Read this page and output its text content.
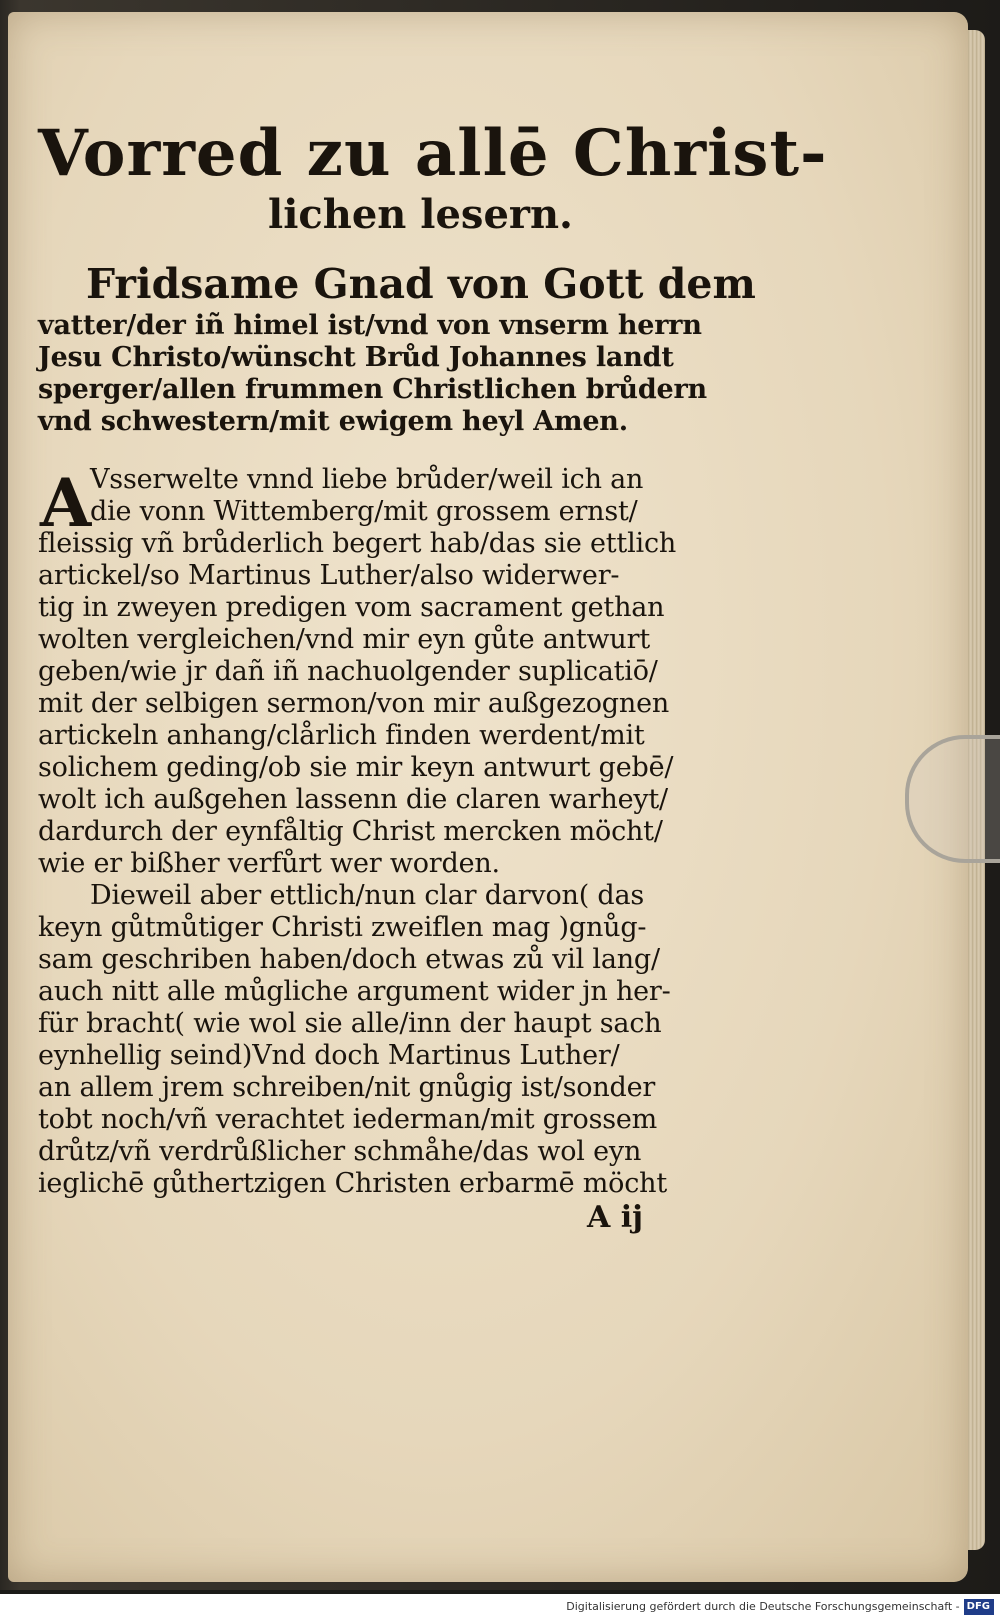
Vorred zu allē Christ-
lichen lesern.
Fridsame Gnad von Gott dem
vatter/der iñ himel ist/vnd von vnserm herrn
Jesu Christo/wünscht Brůd Johannes landt
sperger/allen frummen Christlichen brůdern
vnd schwestern/mit ewigem heyl Amen.
A
Vsserwelte vnnd liebe brůder/weil ich an
die vonn Wittemberg/mit grossem ernst/
fleissig vñ brůderlich begert hab/das sie ettlich
artickel/so Martinus Luther/also widerwer-
tig in zweyen predigen vom sacrament gethan
wolten vergleichen/vnd mir eyn gůte antwurt
geben/wie jr dañ iñ nachuolgender suplicatiō/
mit der selbigen sermon/von mir außgezognen
artickeln anhang/clårlich finden werdent/mit
solichem geding/ob sie mir keyn antwurt gebē/
wolt ich außgehen lassenn die claren warheyt/
dardurch der eynfåltig Christ mercken möcht/
wie er bißher verfůrt wer worden.
Dieweil aber ettlich/nun clar darvon( das
keyn gůtmůtiger Christi zweiflen mag )gnůg-
sam geschriben haben/doch etwas zů vil lang/
auch nitt alle můgliche argument wider jn her-
für bracht( wie wol sie alle/inn der haupt sach
eynhellig seind)Vnd doch Martinus Luther/
an allem jrem schreiben/nit gnůgig ist/sonder
tobt noch/vñ verachtet iederman/mit grossem
drůtz/vñ verdrůßlicher schmåhe/das wol eyn
ieglichē gůthertzigen Christen erbarmē möcht
A ij
Digitalisierung gefördert durch die Deutsche Forschungsgemeinschaft - DFG
